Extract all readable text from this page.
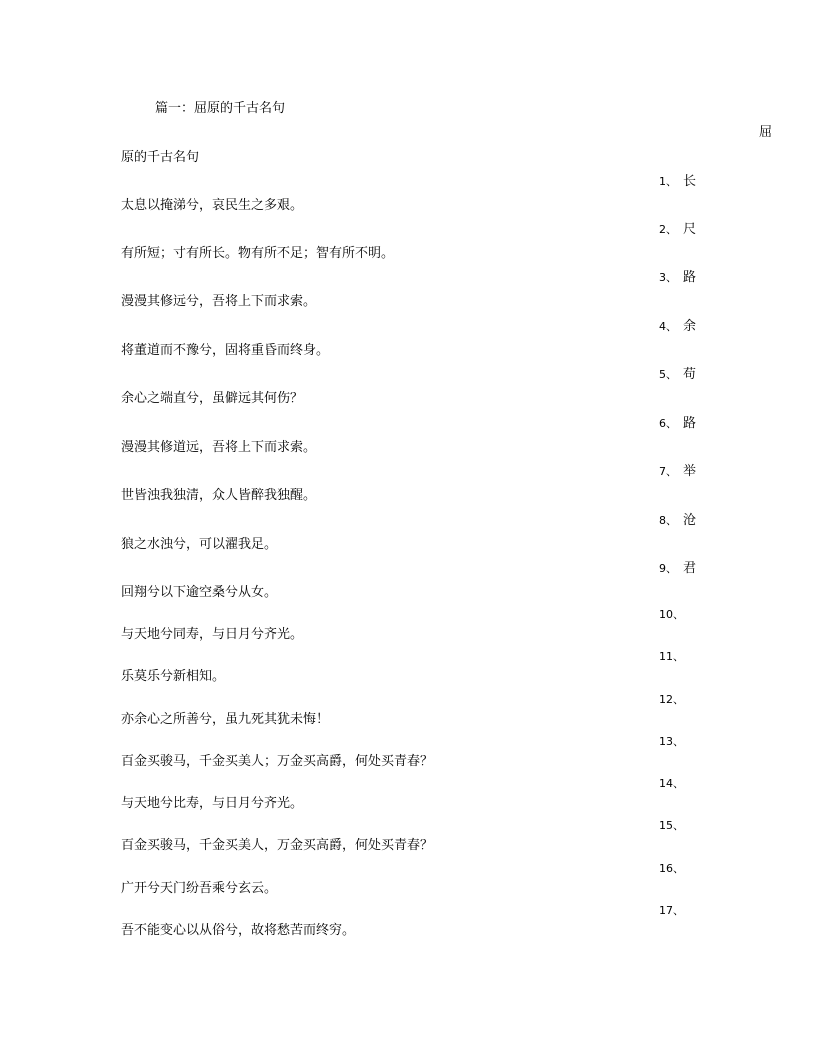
篇一：屈原的千古名句
屈
原的千古名句
1、 长
太息以掩涕兮，哀民生之多艰。
2、 尺
有所短；寸有所长。物有所不足；智有所不明。
3、 路
漫漫其修远兮，吾将上下而求索。
4、 余
将董道而不豫兮，固将重昏而终身。
5、 苟
余心之端直兮，虽僻远其何伤？
6、 路
漫漫其修道远，吾将上下而求索。
7、 举
世皆浊我独清，众人皆醉我独醒。
8、 沧
狼之水浊兮，可以濯我足。
9、 君
回翔兮以下逾空桑兮从女。
10、
与天地兮同寿，与日月兮齐光。
11、
乐莫乐兮新相知。
12、
亦余心之所善兮，虽九死其犹未悔！
13、
百金买骏马，千金买美人；万金买高爵，何处买青春？
14、
与天地兮比寿，与日月兮齐光。
15、
百金买骏马，千金买美人，万金买高爵，何处买青春？
16、
广开兮天门纷吾乘兮玄云。
17、
吾不能变心以从俗兮，故将愁苦而终穷。
